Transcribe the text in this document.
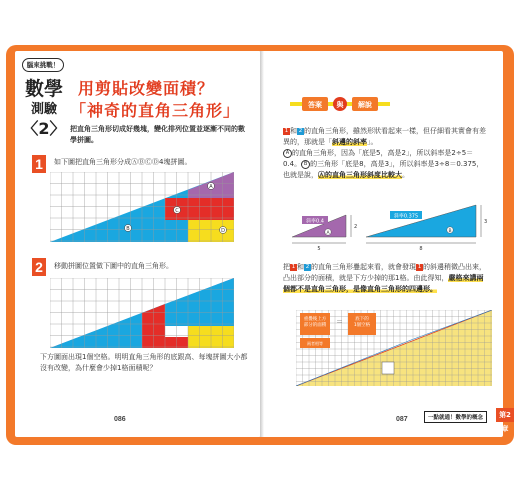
腦來挑戰！
數學
測驗
〈2〉
用剪貼改變面積？
「神奇的直角三角形」
把直角三角形切成好幾塊，變化排列位置並逐漸不同的數學拼圖。
1	如下圖把直角三角形分成ⒶⒷⒸⒹ4塊拼圖。
A
B
C
D
2	移動拼圖位置做下圖中的直角三角形。
下方圖面出現1個空格。明明直角三角形的底跟高、每塊拼圖大小都沒有改變，為什麼會少掉1格面積呢？
086
答案 與 解說
1 和 2 的直角三角形，雖然形狀看起來一樣，但仔細看其實會有差異的，那就是「斜邊的斜率」。
A 的直角三角形，因為「底是5，高是2」，所以斜率是2÷5＝0.4。 B 的三角形「底是8，高是3」，所以斜率是3÷8＝0.375，也就是說，Ⓐ的直角三角形斜度比較大。
斜率0.4
A
5
2
斜率0.375
B
8
3
把 1 和 2 的直角三角形疊起來看，就會發現 1 的斜邊稍微凸出來，凸出部分的面積，就是下方少掉的那1格。由此得知，嚴格來講兩個都不是直角三角形，是像直角三角形的四邊形。
重疊後上方
部分的面積 ＝	底下的
1個空格
兩者相等
087	一點就通！數學的概念	第2章
